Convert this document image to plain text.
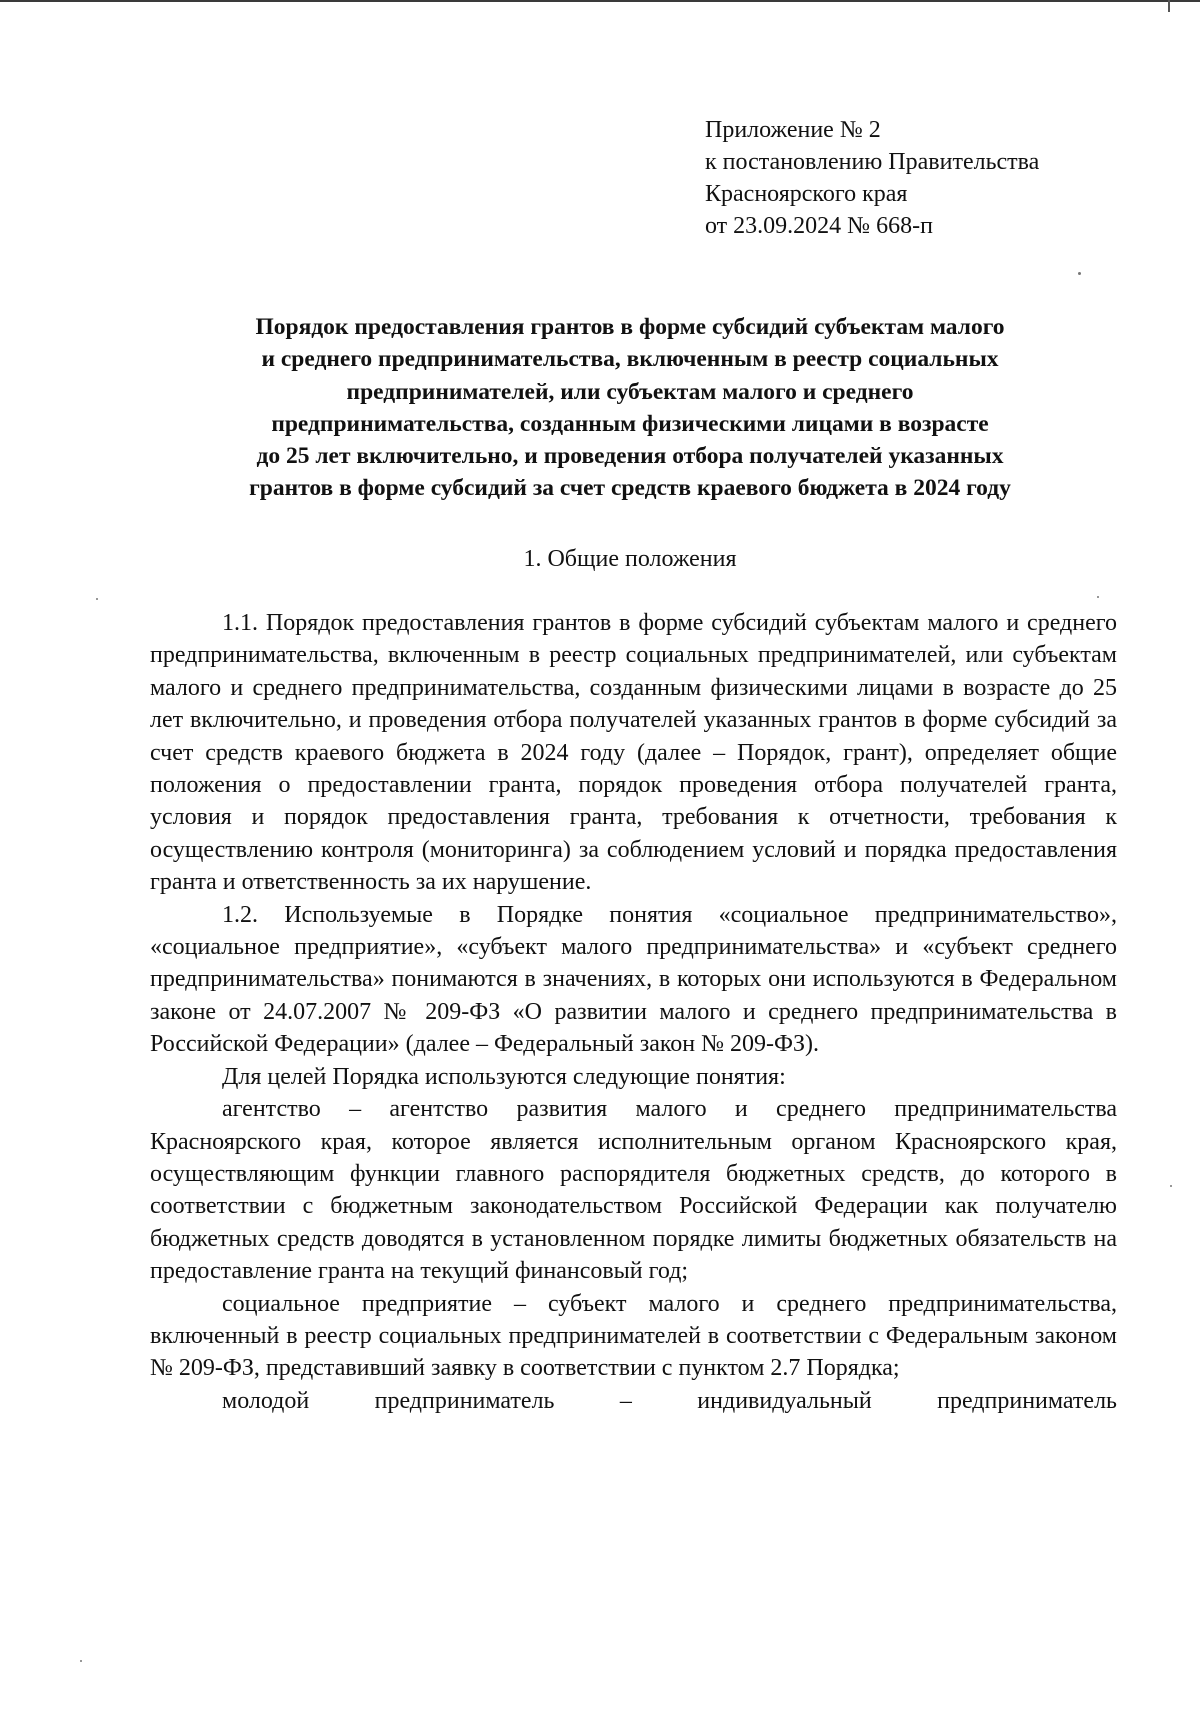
Приложение № 2
к постановлению Правительства
Красноярского края
от 23.09.2024 № 668-п
Порядок предоставления грантов в форме субсидий субъектам малого
и среднего предпринимательства, включенным в реестр социальных
предпринимателей, или субъектам малого и среднего
предпринимательства, созданным физическими лицами в возрасте
до 25 лет включительно, и проведения отбора получателей указанных
грантов в форме субсидий за счет средств краевого бюджета в 2024 году
1. Общие положения

1.1. Порядок предоставления грантов в форме субсидий субъектам малого и среднего предпринимательства, включенным в реестр социальных предпринимателей, или субъектам малого и среднего предпринимательства, созданным физическими лицами в возрасте до 25 лет включительно, и проведения отбора получателей указанных грантов в форме субсидий за счет средств краевого бюджета в 2024 году (далее – Порядок, грант), определяет общие положения о предоставлении гранта, порядок проведения отбора получателей гранта, условия и порядок предоставления гранта, требования к отчетности, требования к осуществлению контроля (мониторинга) за соблюдением условий и порядка предоставления гранта и ответственность за их нарушение.

1.2. Используемые в Порядке понятия «социальное предпринимательство», «социальное предприятие», «субъект малого предпринимательства» и «субъект среднего предпринимательства» понимаются в значениях, в которых они используются в Федеральном законе от 24.07.2007 № 209-ФЗ «О развитии малого и среднего предпринимательства в Российской Федерации» (далее – Федеральный закон № 209-ФЗ).

Для целей Порядка используются следующие понятия:

агентство – агентство развития малого и среднего предпринимательства Красноярского края, которое является исполнительным органом Красноярского края, осуществляющим функции главного распорядителя бюджетных средств, до которого в соответствии с бюджетным законодательством Российской Федерации как получателю бюджетных средств доводятся в установленном порядке лимиты бюджетных обязательств на предоставление гранта на текущий финансовый год;

социальное предприятие – субъект малого и среднего предпринимательства, включенный в реестр социальных предпринимателей в соответствии с Федеральным законом № 209-ФЗ, представивший заявку в соответствии с пунктом 2.7 Порядка;

молодой предприниматель – индивидуальный предприниматель
